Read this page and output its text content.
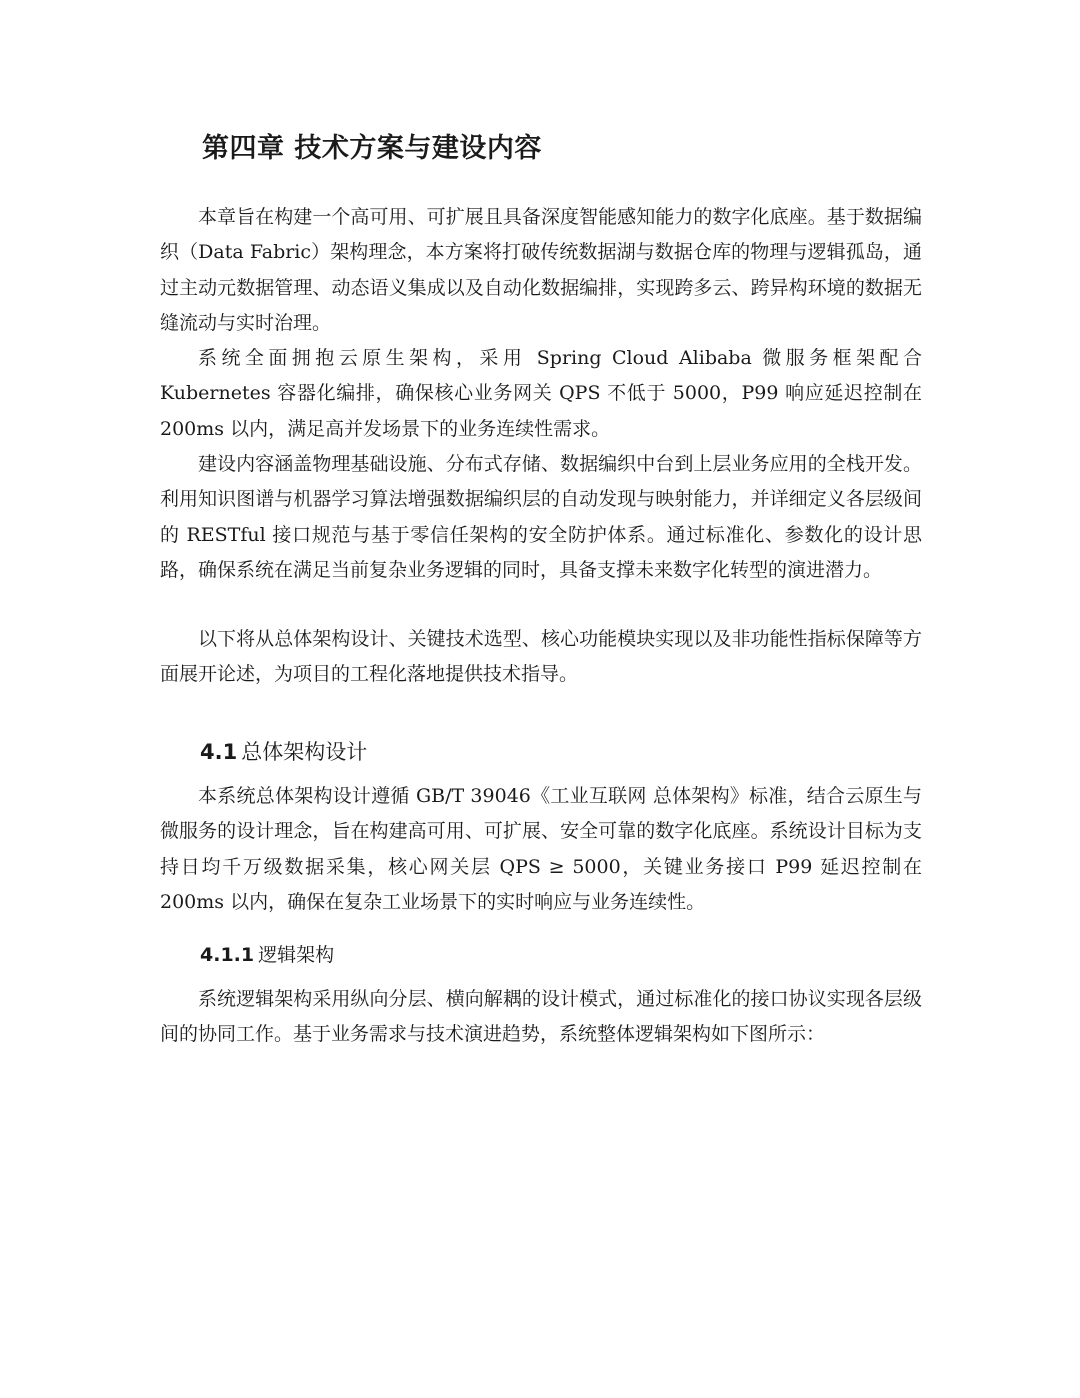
第四章 技术方案与建设内容

本章旨在构建一个高可用、可扩展且具备深度智能感知能力的数字化底座。基于数据编织（Data Fabric）架构理念，本方案将打破传统数据湖与数据仓库的物理与逻辑孤岛，通过主动元数据管理、动态语义集成以及自动化数据编排，实现跨多云、跨异构环境的数据无缝流动与实时治理。

系统全面拥抱云原生架构，采用 Spring Cloud Alibaba 微服务框架配合 Kubernetes 容器化编排，确保核心业务网关 QPS 不低于 5000，P99 响应延迟控制在 200ms 以内，满足高并发场景下的业务连续性需求。

建设内容涵盖物理基础设施、分布式存储、数据编织中台到上层业务应用的全栈开发。利用知识图谱与机器学习算法增强数据编织层的自动发现与映射能力，并详细定义各层级间的 RESTful 接口规范与基于零信任架构的安全防护体系。通过标准化、参数化的设计思路，确保系统在满足当前复杂业务逻辑的同时，具备支撑未来数字化转型的演进潜力。

以下将从总体架构设计、关键技术选型、核心功能模块实现以及非功能性指标保障等方面展开论述，为项目的工程化落地提供技术指导。

4.1 总体架构设计

本系统总体架构设计遵循 GB/T 39046《工业互联网 总体架构》标准，结合云原生与微服务的设计理念，旨在构建高可用、可扩展、安全可靠的数字化底座。系统设计目标为支持日均千万级数据采集，核心网关层 QPS ≥ 5000，关键业务接口 P99 延迟控制在 200ms 以内，确保在复杂工业场景下的实时响应与业务连续性。

4.1.1 逻辑架构

系统逻辑架构采用纵向分层、横向解耦的设计模式，通过标准化的接口协议实现各层级间的协同工作。基于业务需求与技术演进趋势，系统整体逻辑架构如下图所示：
